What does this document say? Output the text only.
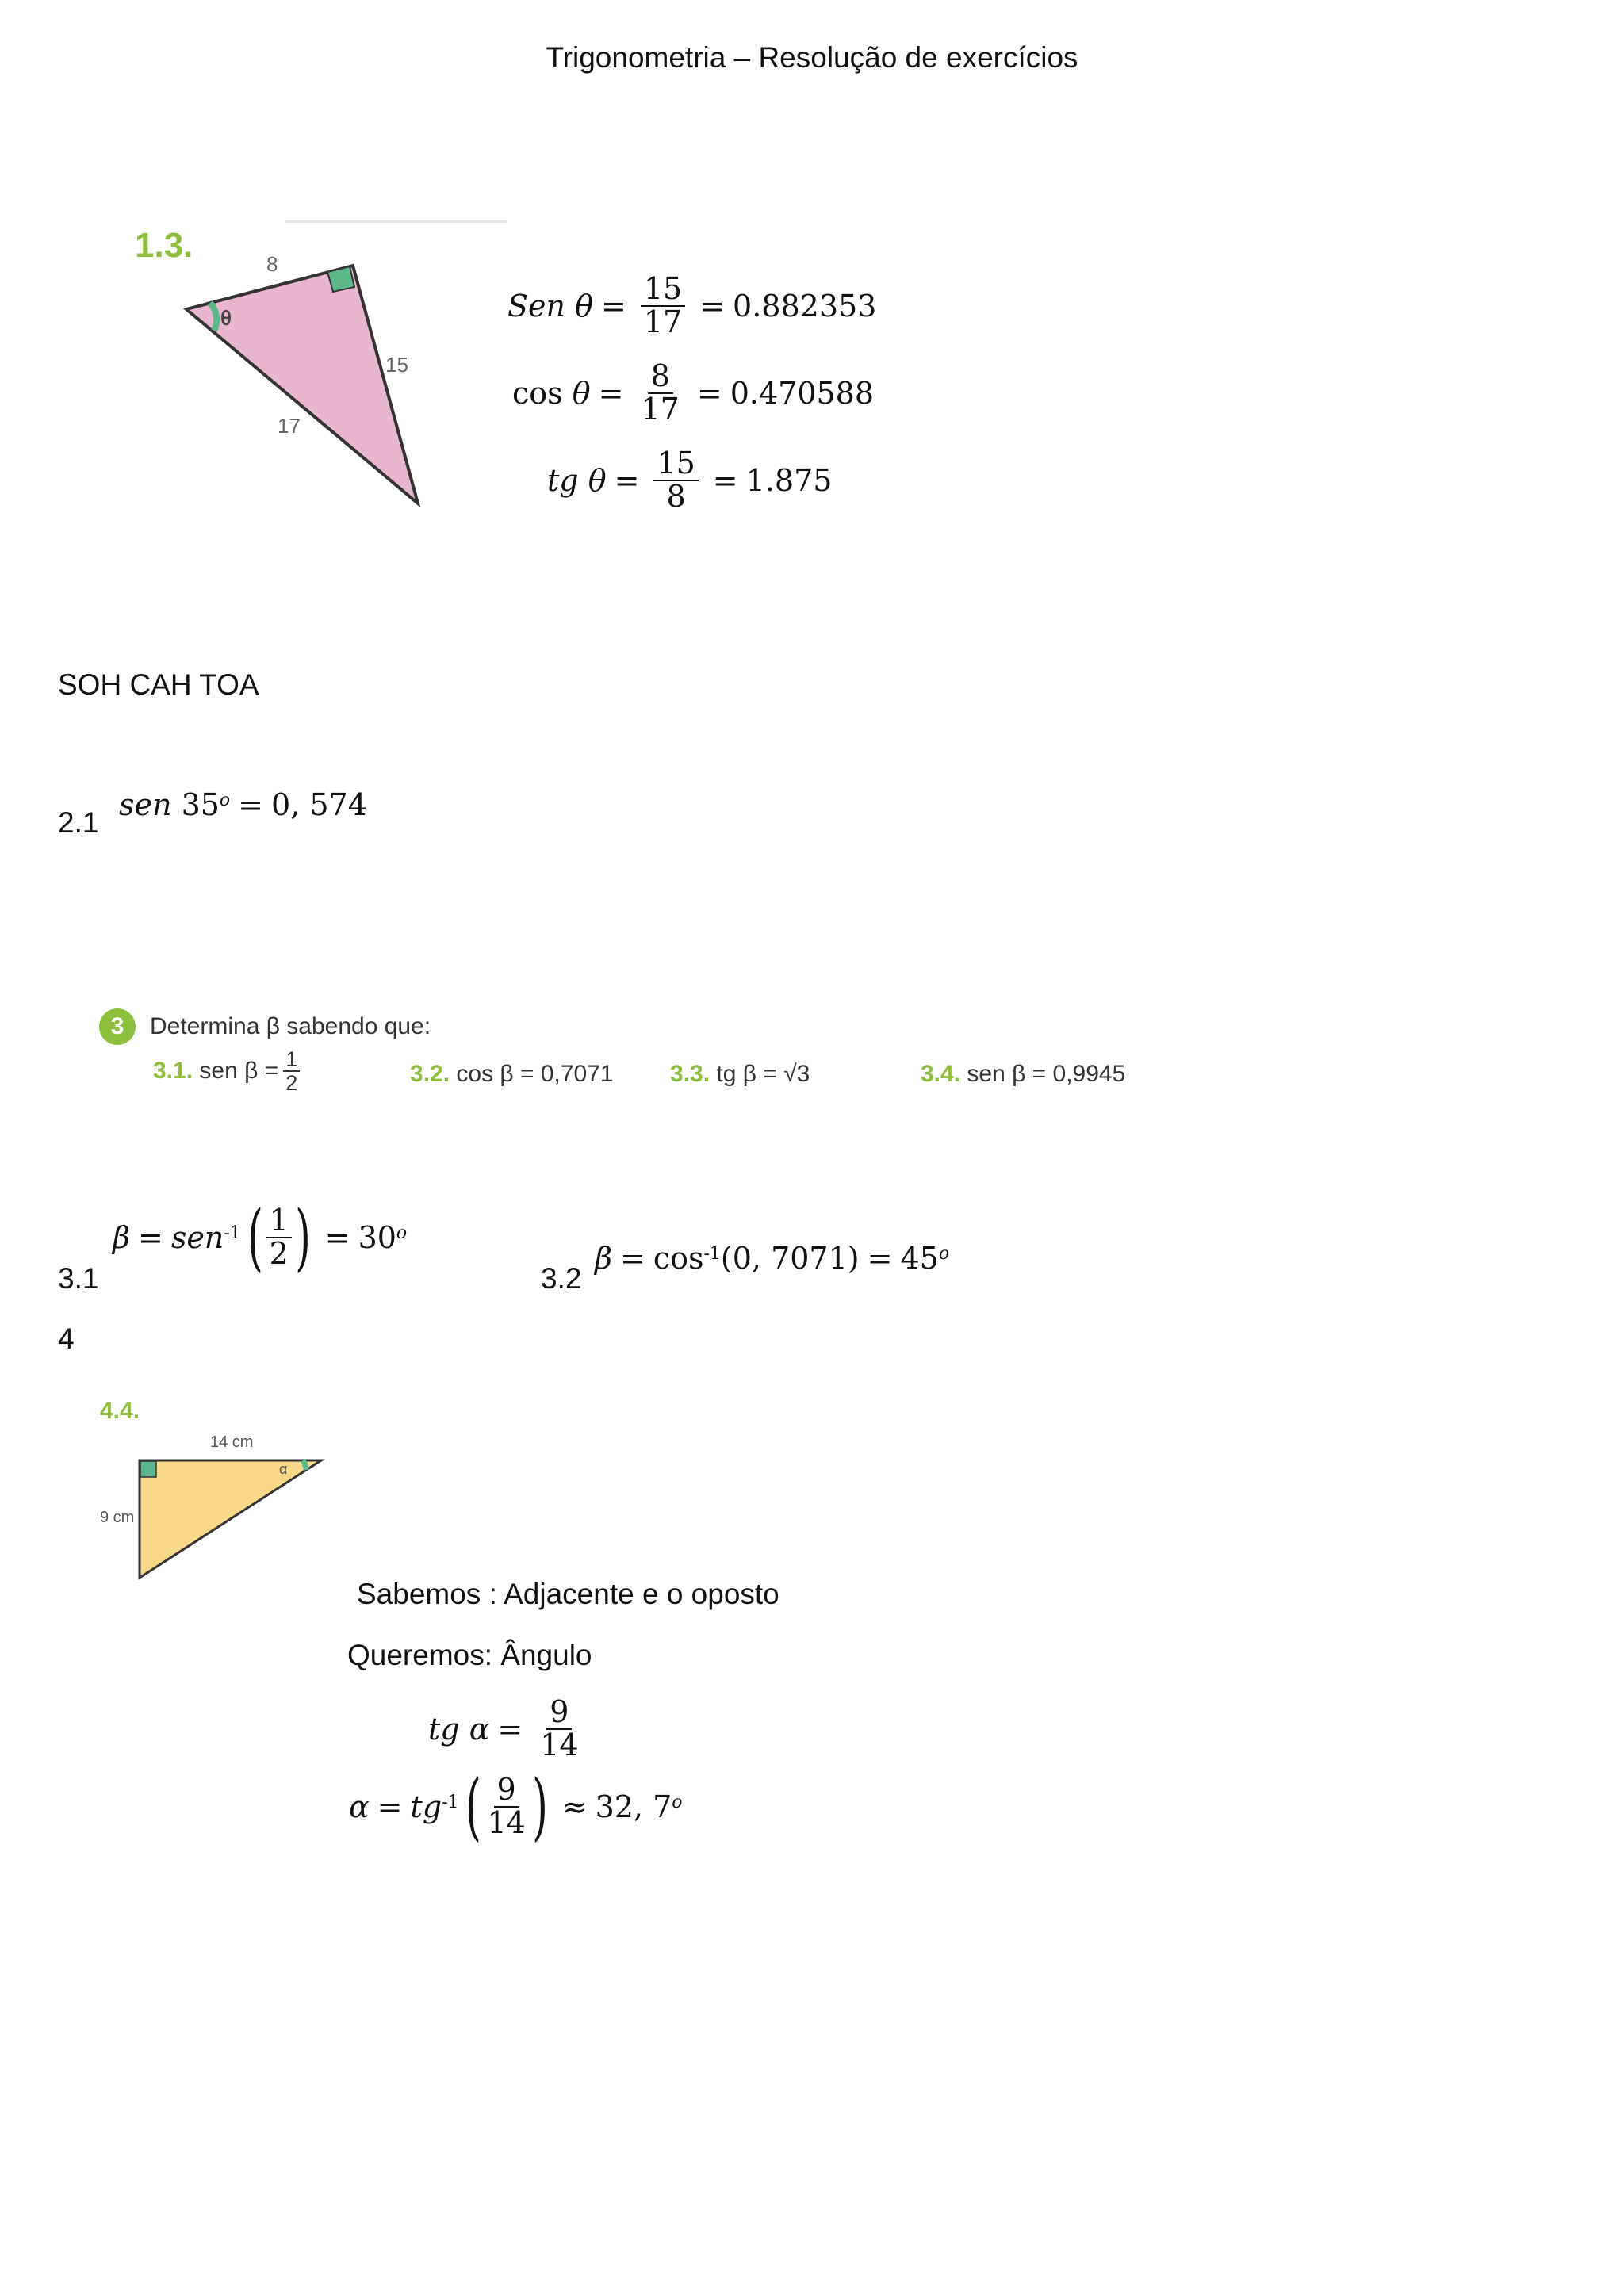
Trigonometria – Resolução de exercícios
1.3.	8
15
17
θ	Sen
$\theta = \frac{15}{17} = 0.882353$
cos
$\theta = \frac{8}{17} = 0.470588$
tg
$\theta = \frac{15}{8} = 1.875$
SOH CAH TOA
2.1
sen
35 o = 0, 574
3	Determina β sabendo que:
3.1.
sen $\beta = \frac{1}{2}$	3.2. cos β = 0,7071 3.3. tg β = √3	3.4. sen β = 0,9945
3.1
β = sen -1 ( $\frac{1}{2}$ ) = 30 o
3.2
β = cos -1 (0, 7071) = 45 o
4
4.4.
14 cm
9 cm
α
Sabemos : Adjacente e o oposto
Queremos: Ângulo
tg
$\alpha = \frac{9}{14}$
α = tg -1 ( $\frac{9}{14}$ ) ≈ 32, 7 o
